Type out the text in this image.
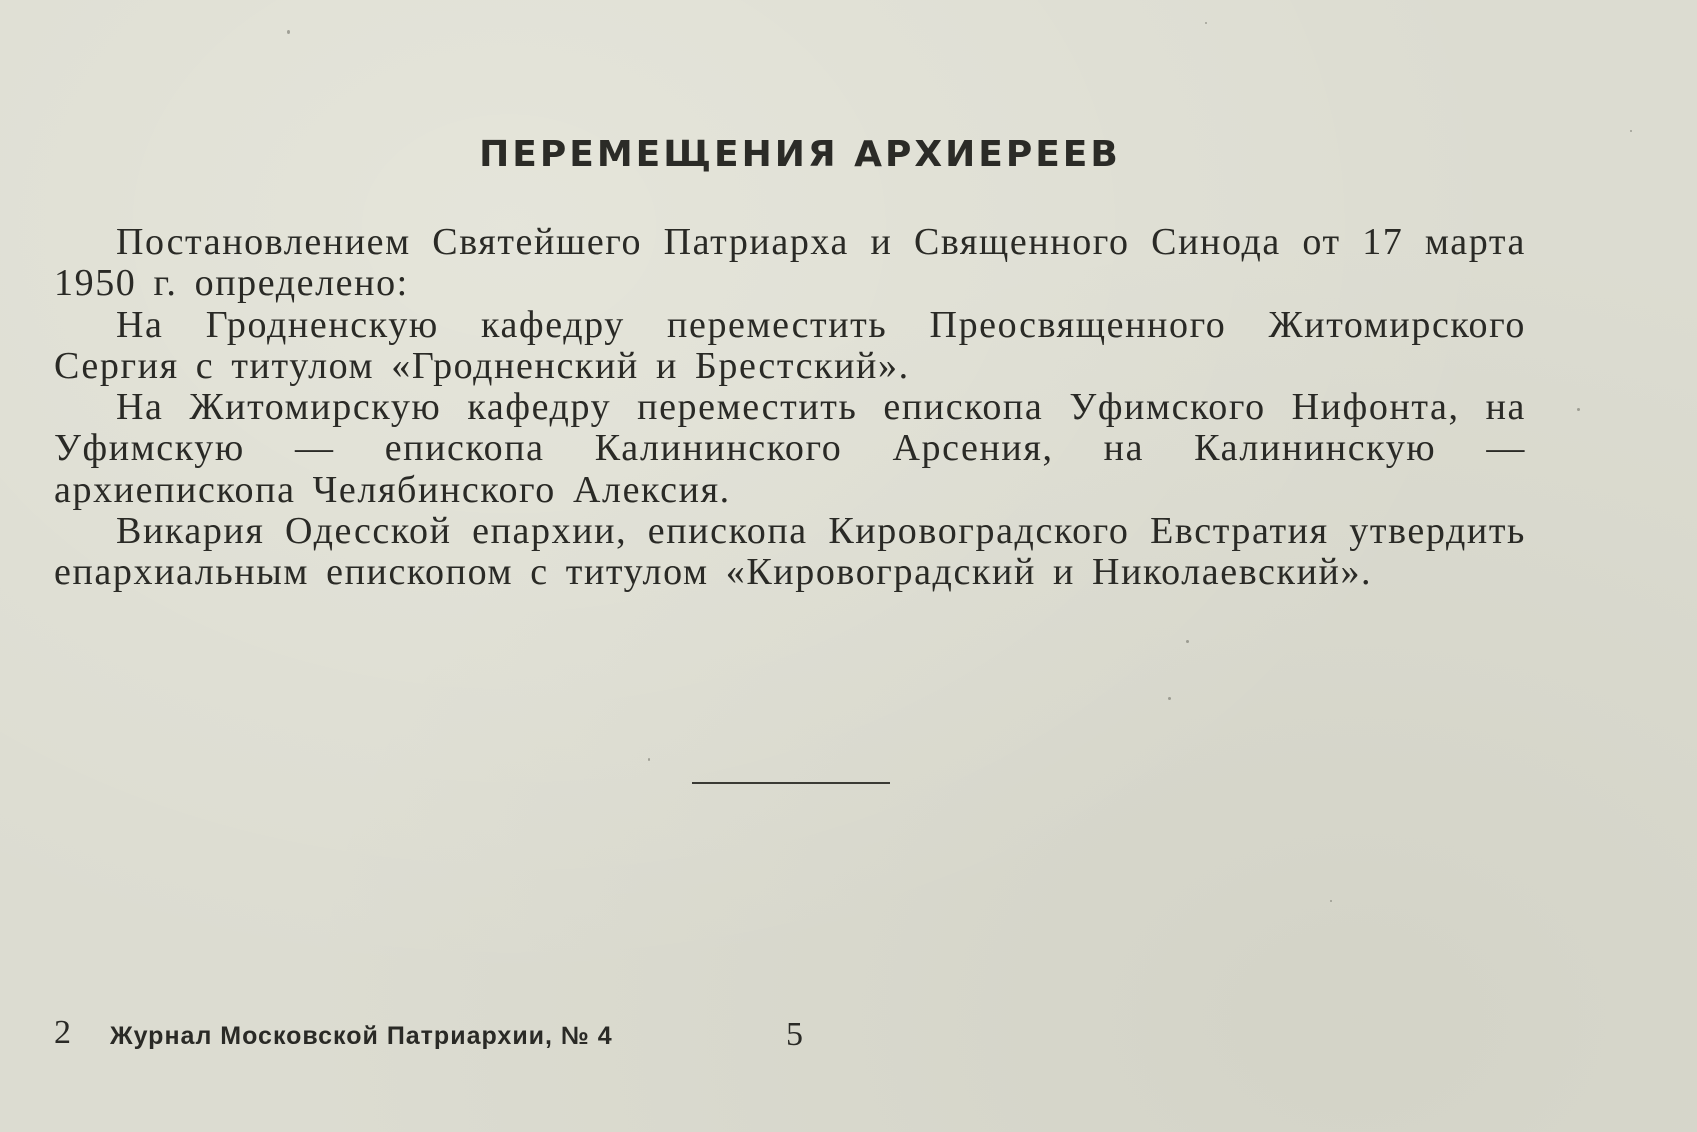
ПЕРЕМЕЩЕНИЯ АРХИЕРЕЕВ

Постановлением Святейшего Патриарха и Священного Синода от 17 марта 1950 г. определено:

На Гродненскую кафедру переместить Преосвященного Житомирского Сергия с титулом «Гродненский и Брестский».

На Житомирскую кафедру переместить епископа Уфимского Нифонта, на Уфимскую — епископа Калининского Арсения, на Калининскую — архиепископа Челябинского Алексия.

Викария Одесской епархии, епископа Кировоградского Евстратия утвердить епархиальным епископом с титулом «Кировоградский и Николаевский».

2 Журнал Московской Патриархии, № 4	5
